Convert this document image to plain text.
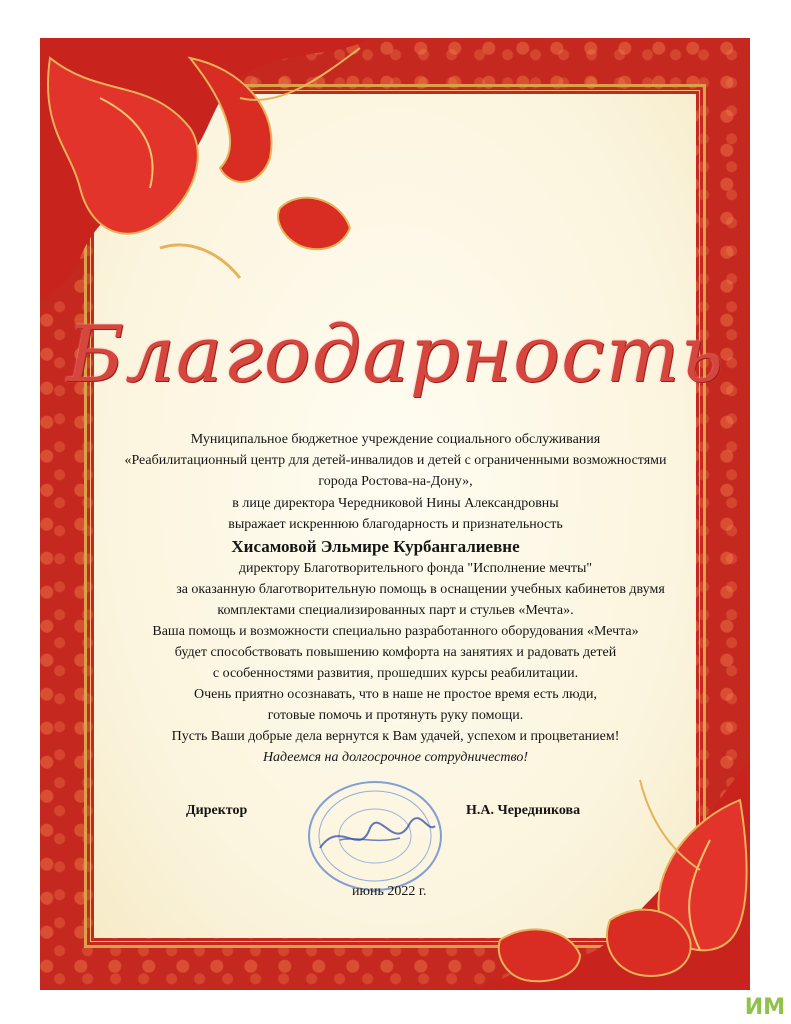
Благодарность
Муниципальное бюджетное учреждение социального обслуживания
«Реабилитационный центр для детей-инвалидов и детей с ограниченными возможностями
города Ростова-на-Дону»,
в лице директора Чередниковой Нины Александровны
выражает искреннюю благодарность и признательность
Хисамовой Эльмире Курбангалиевне
директору Благотворительного фонда "Исполнение мечты"
за оказанную благотворительную помощь в оснащении учебных кабинетов двумя
комплектами специализированных парт и стульев «Мечта».
Ваша помощь и возможности специально разработанного оборудования «Мечта»
будет способствовать повышению комфорта на занятиях и радовать детей
с особенностями развития, прошедших курсы реабилитации.
Очень приятно осознавать, что в наше не простое время есть люди,
готовые помочь и протянуть руку помощи.
Пусть Ваши добрые дела вернутся к Вам удачей, успехом и процветанием!
Надеемся на долгосрочное сотрудничество!
Директор	Н.А. Чередникова
июнь 2022 г.
ИМ
